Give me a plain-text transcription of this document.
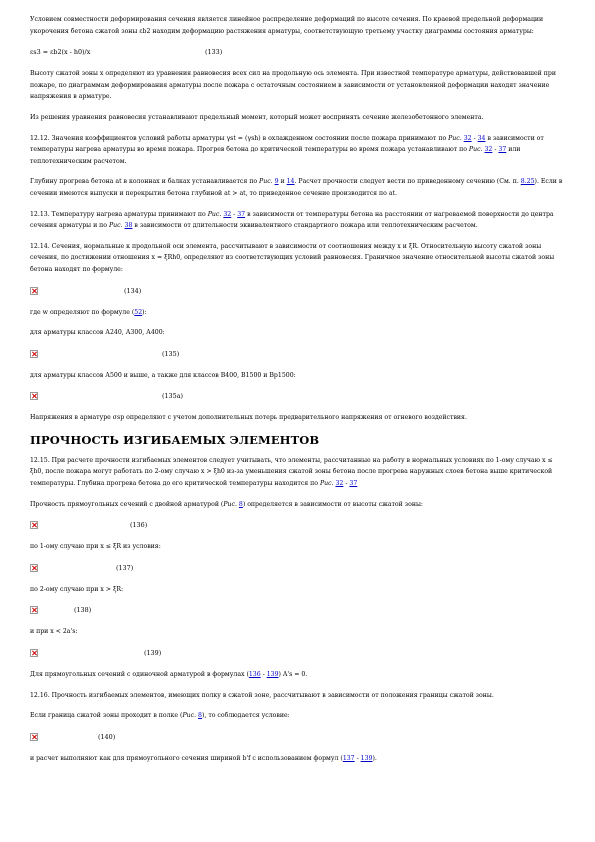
Условием совместности деформирования сечения является линейное распределение деформаций по высоте сечения. По краевой предельной деформации укорочения бетона сжатой зоны εb2 находим деформацию растяжения арматуры, соответствующую третьему участку диаграммы состояния арматуры:

εs3 = εb2(x - h0)/x	(133)

Высоту сжатой зоны x определяют из уравнения равновесия всех сил на продольную ось элемента. При известной температуре арматуры, действовавшей при пожаре, по диаграммам деформирования арматуры после пожара с остаточным состоянием в зависимости от установленной деформации находят значение напряжения в арматуре.

Из решения уравнения равновесия устанавливают предельный момент, который может воспринять сечение железобетонного элемента.

12.12. Значения коэффициентов условий работы арматуры γst = (γsh) в охлажденном состоянии после пожара принимают по Рис. 32 - 34 в зависимости от температуры нагрева арматуры во время пожара. Прогрев бетона до критической температуры во время пожара устанавливают по Рис. 32 - 37 или теплотехническим расчетом.

Глубину прогрева бетона at в колоннах и балках устанавливается по Рис. 9 и 14. Расчет прочности следует вести по приведенному сечению (См. п. 8.25). Если в сечении имеются выпуски и перекрытия бетона глубиной at > at, то приведенное сечение производится по at.

12.13. Температуру нагрева арматуры принимают по Рис. 32 - 37 в зависимости от температуры бетона на расстоянии от нагреваемой поверхности до центра сечения арматуры и по Рис. 38 в зависимости от длительности эквивалентного стандартного пожара или теплотехническим расчетом.

12.14. Сечения, нормальные к продольной оси элемента, рассчитывают в зависимости от соотношения между x и ξR. Относительную высоту сжатой зоны сечения, по достижении отношения x = ξRh0, определяют из соответствующих условий равновесия. Граничное значение относительной высоты сжатой зоны бетона находят по формуле:

(134)

где w определяют по формуле (52):

для арматуры классов А240, А300, А400:

(135)

для арматуры классов А500 и выше, а также для классов В400, В1500 и Вр1500:

(135а)

Напряжения в арматуре σsp определяют с учетом дополнительных потерь предварительного напряжения от огневого воздействия.

ПРОЧНОСТЬ ИЗГИБАЕМЫХ ЭЛЕМЕНТОВ

12.15. При расчете прочности изгибаемых элементов следует учитывать, что элементы, рассчитанные на работу в нормальных условиях по 1-ому случаю x ≤ ξh0, после пожара могут работать по 2-ому случаю x > ξh0 из-за уменьшения сжатой зоны бетона после прогрева наружных слоев бетона выше критической температуры. Глубина прогрева бетона до его критической температуры находится по Рис. 32 - 37

Прочность прямоугольных сечений с двойной арматурой (Рис. 8) определяется в зависимости от высоты сжатой зоны:

(136)

по 1-ому случаю при x ≤ ξR из условия:

(137)

по 2-ому случаю при x > ξR:

(138)

и при x < 2a's:

(139)

Для прямоугольных сечений с одиночной арматурой в формулах (136 - 139) A's = 0.

12.16. Прочность изгибаемых элементов, имеющих полку в сжатой зоне, рассчитывают в зависимости от положения границы сжатой зоны.

Если граница сжатой зоны проходит в полке (Рис. 8), то соблюдается условие:

(140)

и расчет выполняют как для прямоугольного сечения шириной b'f с использованием формул (137 - 139).
